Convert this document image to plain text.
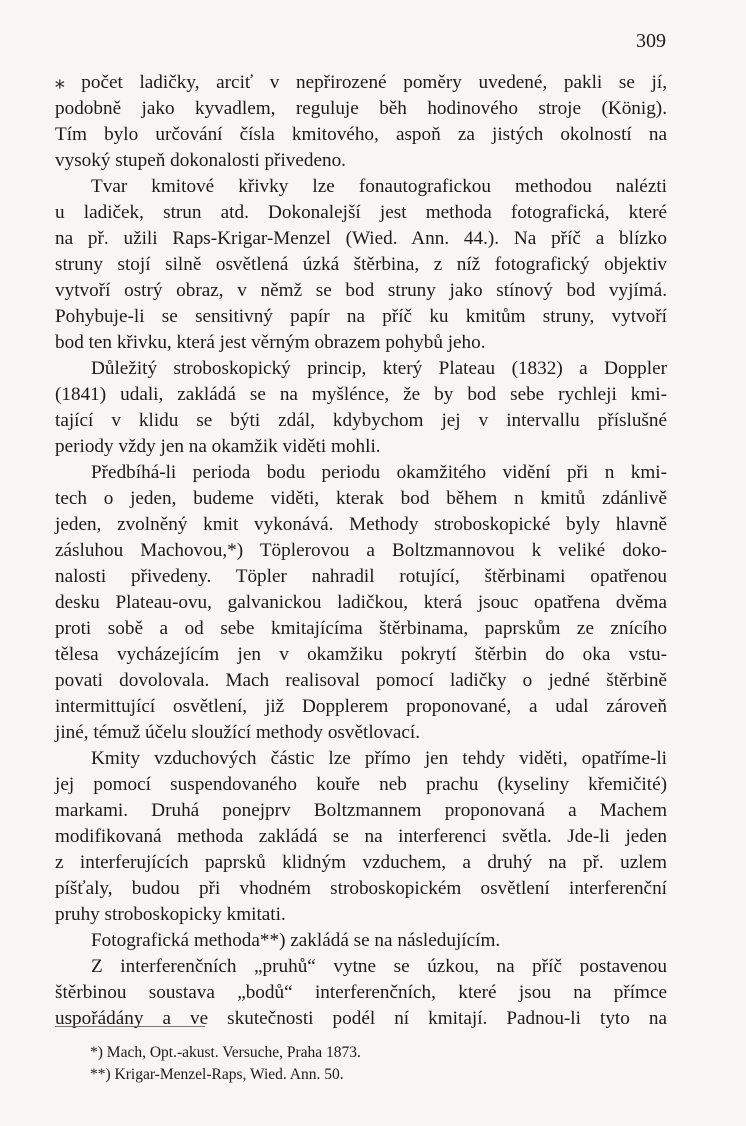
309
⁎ počet ladičky, arciť v nepřirozené poměry uvedené, pakli se jí,
podobně jako kyvadlem, reguluje běh hodinového stroje (König).
Tím bylo určování čísla kmitového, aspoň za jistých okolností na
vysoký stupeň dokonalosti přivedeno.
Tvar kmitové křivky lze fonautografickou methodou nalézti
u ladiček, strun atd. Dokonalejší jest methoda fotografická, které
na př. užili Raps-Krigar-Menzel (Wied. Ann. 44.). Na příč a blízko
struny stojí silně osvětlená úzká štěrbina, z níž fotografický objektiv
vytvoří ostrý obraz, v němž se bod struny jako stínový bod vyjímá.
Pohybuje-li se sensitivný papír na příč ku kmitům struny, vytvoří
bod ten křivku, která jest věrným obrazem pohybů jeho.
Důležitý stroboskopický princip, který Plateau (1832) a Doppler
(1841) udali, zakládá se na myšlénce, že by bod sebe rychleji kmi-
tající v klidu se býti zdál, kdybychom jej v intervallu příslušné
periody vždy jen na okamžik viděti mohli.
Předbíhá-li perioda bodu periodu okamžitého vidění při n kmi-
tech o jeden, budeme viděti, kterak bod během n kmitů zdánlivě
jeden, zvolněný kmit vykonává. Methody stroboskopické byly hlavně
zásluhou Machovou,*) Töplerovou a Boltzmannovou k veliké doko-
nalosti přivedeny. Töpler nahradil rotující, štěrbinami opatřenou
desku Plateau-ovu, galvanickou ladičkou, která jsouc opatřena dvěma
proti sobě a od sebe kmitajícíma štěrbinama, paprskům ze znícího
tělesa vycházejícím jen v okamžiku pokrytí štěrbin do oka vstu-
povati dovolovala. Mach realisoval pomocí ladičky o jedné štěrbině
intermittující osvětlení, již Dopplerem proponované, a udal zároveň
jiné, témuž účelu sloužící methody osvětlovací.
Kmity vzduchových částic lze přímo jen tehdy viděti, opatříme-li
jej pomocí suspendovaného kouře neb prachu (kyseliny křemičité)
markami. Druhá ponejprv Boltzmannem proponovaná a Machem
modifikovaná methoda zakládá se na interferenci světla. Jde-li jeden
z interferujících paprsků klidným vzduchem, a druhý na př. uzlem
píšťaly, budou při vhodném stroboskopickém osvětlení interferenční
pruhy stroboskopicky kmitati.
Fotografická methoda**) zakládá se na následujícím.
Z interferenčních „pruhů“ vytne se úzkou, na příč postavenou
štěrbinou soustava „bodů“ interferenčních, které jsou na přímce
uspořádány a ve skutečnosti podél ní kmitají. Padnou-li tyto na
*) Mach, Opt.-akust. Versuche, Praha 1873.
**) Krigar-Menzel-Raps, Wied. Ann. 50.
